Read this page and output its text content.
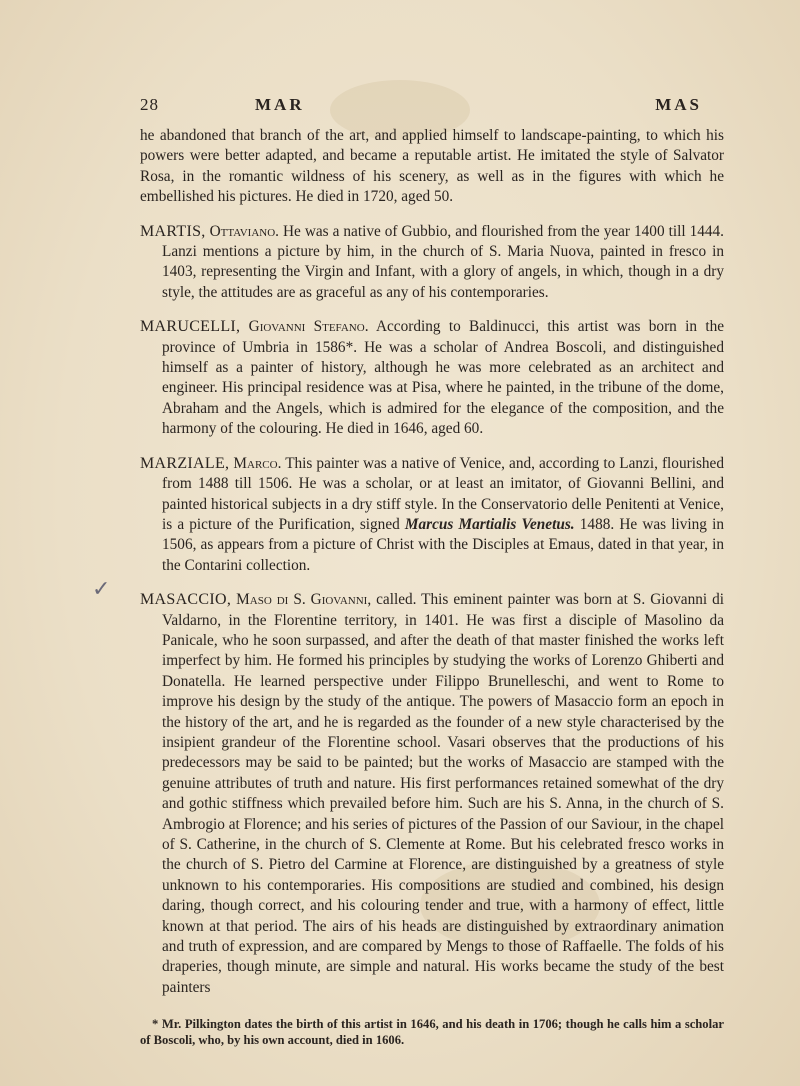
28	MAR	MAS
✓

he abandoned that branch of the art, and applied himself to landscape-painting, to which his powers were better adapted, and became a reputable artist. He imitated the style of Salvator Rosa, in the romantic wildness of his scenery, as well as in the figures with which he embellished his pictures. He died in 1720, aged 50.

MARTIS, Ottaviano. He was a native of Gubbio, and flourished from the year 1400 till 1444. Lanzi mentions a picture by him, in the church of S. Maria Nuova, painted in fresco in 1403, representing the Virgin and Infant, with a glory of angels, in which, though in a dry style, the attitudes are as graceful as any of his contemporaries.

MARUCELLI, Giovanni Stefano. According to Baldinucci, this artist was born in the province of Umbria in 1586*. He was a scholar of Andrea Boscoli, and distinguished himself as a painter of history, although he was more celebrated as an architect and engineer. His principal residence was at Pisa, where he painted, in the tribune of the dome, Abraham and the Angels, which is admired for the elegance of the composition, and the harmony of the colouring. He died in 1646, aged 60.

MARZIALE, Marco. This painter was a native of Venice, and, according to Lanzi, flourished from 1488 till 1506. He was a scholar, or at least an imitator, of Giovanni Bellini, and painted historical subjects in a dry stiff style. In the Conservatorio delle Penitenti at Venice, is a picture of the Purification, signed Marcus Martialis Venetus. 1488. He was living in 1506, as appears from a picture of Christ with the Disciples at Emaus, dated in that year, in the Contarini collection.

MASACCIO, Maso di S. Giovanni, called. This eminent painter was born at S. Giovanni di Valdarno, in the Florentine territory, in 1401. He was first a disciple of Masolino da Panicale, who he soon surpassed, and after the death of that master finished the works left imperfect by him. He formed his principles by studying the works of Lorenzo Ghiberti and Donatella. He learned perspective under Filippo Brunelleschi, and went to Rome to improve his design by the study of the antique. The powers of Masaccio form an epoch in the history of the art, and he is regarded as the founder of a new style characterised by the insipient grandeur of the Florentine school. Vasari observes that the productions of his predecessors may be said to be painted; but the works of Masaccio are stamped with the genuine attributes of truth and nature. His first performances retained somewhat of the dry and gothic stiffness which prevailed before him. Such are his S. Anna, in the church of S. Ambrogio at Florence; and his series of pictures of the Passion of our Saviour, in the chapel of S. Catherine, in the church of S. Clemente at Rome. But his celebrated fresco works in the church of S. Pietro del Carmine at Florence, are distinguished by a greatness of style unknown to his contemporaries. His compositions are studied and combined, his design daring, though correct, and his colouring tender and true, with a harmony of effect, little known at that period. The airs of his heads are distinguished by extraordinary animation and truth of expression, and are compared by Mengs to those of Raffaelle. The folds of his draperies, though minute, are simple and natural. His works became the study of the best painters

* Mr. Pilkington dates the birth of this artist in 1646, and his death in 1706; though he calls him a scholar of Boscoli, who, by his own account, died in 1606.
